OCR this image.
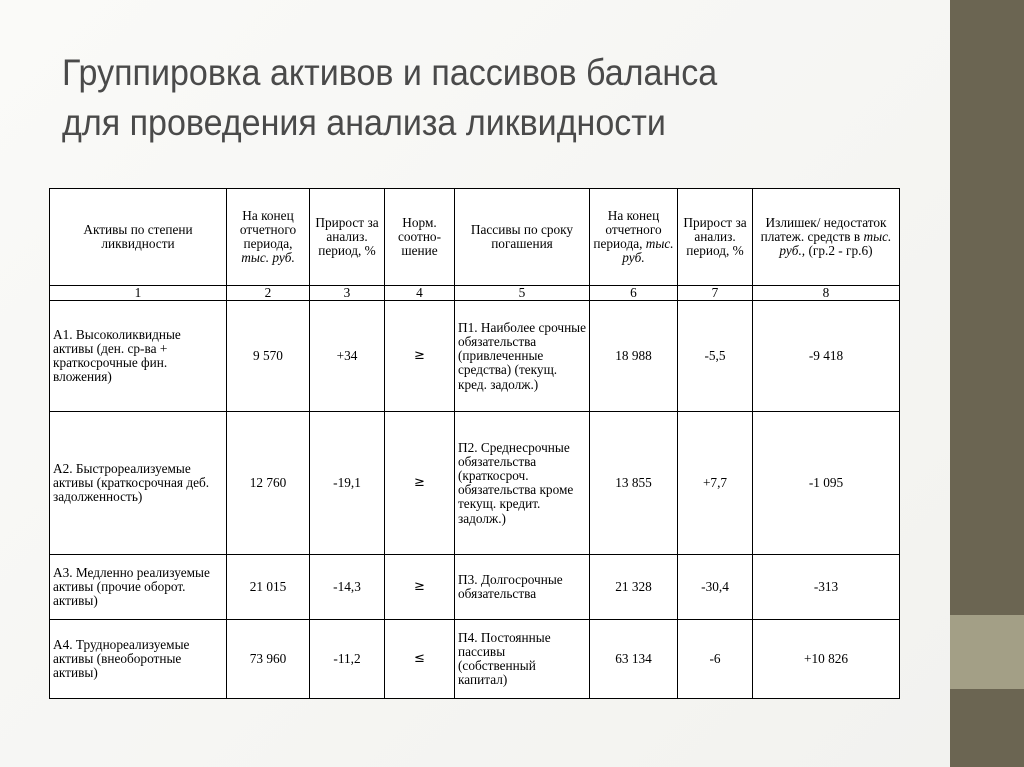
Группировка активов и пассивов баланса
для проведения анализа ликвидности
Активы по степени ликвидности	На конец отчетного периода, тыс. руб.	Прирост за анализ. период, %	Норм. соотно-шение	Пассивы по сроку погашения	На конец отчетного периода, тыс. руб.	Прирост за анализ. период, %	Излишек/ недостаток платеж. средств в тыс. руб., (гр.2 - гр.6)
1	2	3	4	5	6	7	8
А1. Высоколиквидные активы (ден. ср-ва + краткосрочные фин. вложения)	9 570	+34	≥	П1. Наиболее срочные обязательства (привлеченные средства) (текущ. кред. задолж.)	18 988	-5,5	-9 418
А2. Быстрореализуемые активы (краткосрочная деб. задолженность)	12 760	-19,1	≥	П2. Среднесрочные обязательства (краткосроч. обязательства кроме текущ. кредит. задолж.)	13 855	+7,7	-1 095
А3. Медленно реализуемые активы (прочие оборот. активы)	21 015	-14,3	≥	П3. Долгосрочные обязательства	21 328	-30,4	-313
А4. Труднореализуемые активы (внеоборотные активы)	73 960	-11,2	≤	П4. Постоянные пассивы (собственный капитал)	63 134	-6	+10 826
